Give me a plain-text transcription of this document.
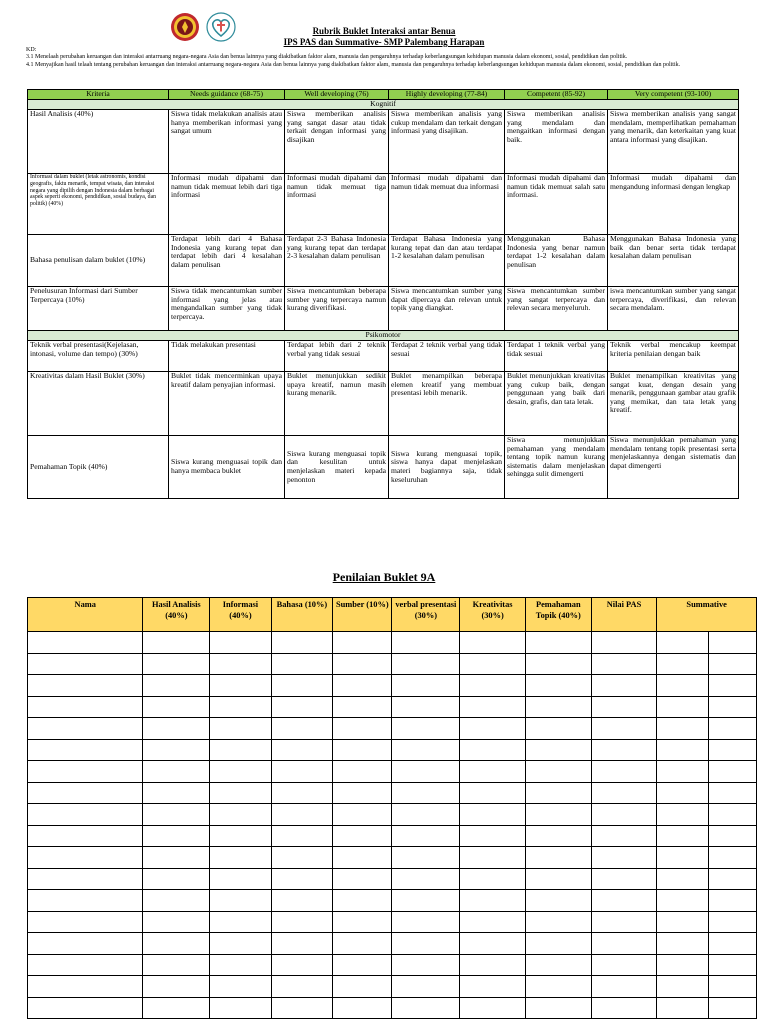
Rubrik Buklet Interaksi antar Benua
IPS PAS dan Summative- SMP Palembang Harapan

KD:

3.1 Menelaah perubahan keruangan dan interaksi antarruang negara-negara Asia dan benua lainnya yang diakibatkan faktor alam, manusia dan pengaruhnya terhadap keberlangsungan kehidupan manusia dalam ekonomi, sosial, pendidikan dan politik.

4.1 Menyajikan hasil telaah tentang perubahan keruangan dan interaksi antarruang negara-negara Asia dan benua lainnya yang diakibatkan faktor alam, manusia dan pengaruhnya terhadap keberlangsungan kehidupan manusia dalam ekonomi, sosial, pendidikan dan politik.

Kriteria	Needs guidance (68-75)	Well developing (76)	Highly developing (77-84)	Competent (85-92)	Very competent (93-100)
Kognitif					
Hasil Analisis (40%)	Siswa tidak melakukan analisis atau hanya memberikan informasi yang sangat umum	Siswa memberikan analisis yang sangat dasar atau tidak terkait dengan informasi yang disajikan	Siswa memberikan analisis yang cukup mendalam dan terkait dengan informasi yang disajikan.	Siswa memberikan analisis yang mendalam dan mengaitkan informasi dengan baik.	Siswa memberikan analisis yang sangat mendalam, memperlihatkan pemahaman yang menarik, dan keterkaitan yang kuat antara informasi yang disajikan.
Informasi dalam buklet (letak astronomis, kondisi geografis, faktu menarik, tempat wisata, dan interaksi negara yang dipilih dengan Indonesia dalam berbagai aspek seperti ekonomi, pendidikan, sosial budaya, dan politik) (40%)	Informasi mudah dipahami dan namun tidak memuat lebih dari tiga informasi	Informasi mudah dipahami dan namun tidak memuat tiga informasi	Informasi mudah dipahami dan namun tidak memuat dua informasi	Informasi mudah dipahami dan namun tidak memuat salah satu informasi.	Informasi mudah dipahami dan mengandung informasi dengan lengkap
Bahasa penulisan dalam buklet (10%)	Terdapat lebih dari 4 Bahasa Indonesia yang kurang tepat dan terdapat lebih dari 4 kesalahan dalam penulisan	Terdapat 2-3 Bahasa Indonesia yang kurang tepat dan terdapat 2-3 kesalahan dalam penulisan	Terdapat Bahasa Indonesia yang kurang tepat dan dan atau terdapat 1-2 kesalahan dalam penulisan	Menggunakan Bahasa Indonesia yang benar namun terdapat 1-2 kesalahan dalam penulisan	Menggunakan Bahasa Indonesia yang baik dan benar serta tidak terdapat kesalahan dalam penulisan
Penelusuran Informasi dari Sumber Terpercaya (10%)	Siswa tidak mencantumkan sumber informasi yang jelas atau mengandalkan sumber yang tidak terpercaya.	Siswa mencantumkan beberapa sumber yang terpercaya namun kurang diverifikasi.	Siswa mencantumkan sumber yang dapat dipercaya dan relevan untuk topik yang diangkat.	Siswa mencantumkan sumber yang sangat terpercaya dan relevan secara menyeluruh.	iswa mencantumkan sumber yang sangat terpercaya, diverifikasi, dan relevan secara mendalam.
Psikomotor					
Teknik verbal presentasi(Kejelasan, intonasi, volume dan tempo) (30%)	Tidak melakukan presentasi	Terdapat lebih dari 2 teknik verbal yang tidak sesuai	Terdapat 2 teknik verbal yang tidak sesuai	Terdapat 1 teknik verbal yang tidak sesuai	Teknik verbal mencakup keempat kriteria penilaian dengan baik
Kreativitas dalam Hasil Buklet (30%)	Buklet tidak mencerminkan upaya kreatif dalam penyajian informasi.	Buklet menunjukkan sedikit upaya kreatif, namun masih kurang menarik.	Buklet menampilkan beberapa elemen kreatif yang membuat presentasi lebih menarik.	Buklet menunjukkan kreativitas yang cukup baik, dengan penggunaan yang baik dari desain, grafis, dan tata letak.	Buklet menampilkan kreativitas yang sangat kuat, dengan desain yang menarik, penggunaan gambar atau grafik yang memikat, dan tata letak yang kreatif.
Pemahaman Topik (40%)	Siswa kurang menguasai topik dan hanya membaca buklet	Siswa kurang menguasai topik dan kesulitan untuk menjelaskan materi kepada penonton	Siswa kurang menguasai topik, siswa hanya dapat menjelaskan materi bagiannya saja, tidak keseluruhan	Siswa menunjukkan pemahaman yang mendalam tentang topik namun kurang sistematis dalam menjelaskan sehingga sulit dimengerti	Siswa menunjukkan pemahaman yang mendalam tentang topik presentasi serta menjelaskannya dengan sistematis dan dapat dimengerti
Penilaian Buklet 9A
Nama	Hasil Analisis (40%)	Informasi (40%)	Bahasa (10%)	Sumber (10%)	verbal presentasi (30%)	Kreativitas (30%)	Pemahaman Topik (40%)	Nilai PAS	Summative	
